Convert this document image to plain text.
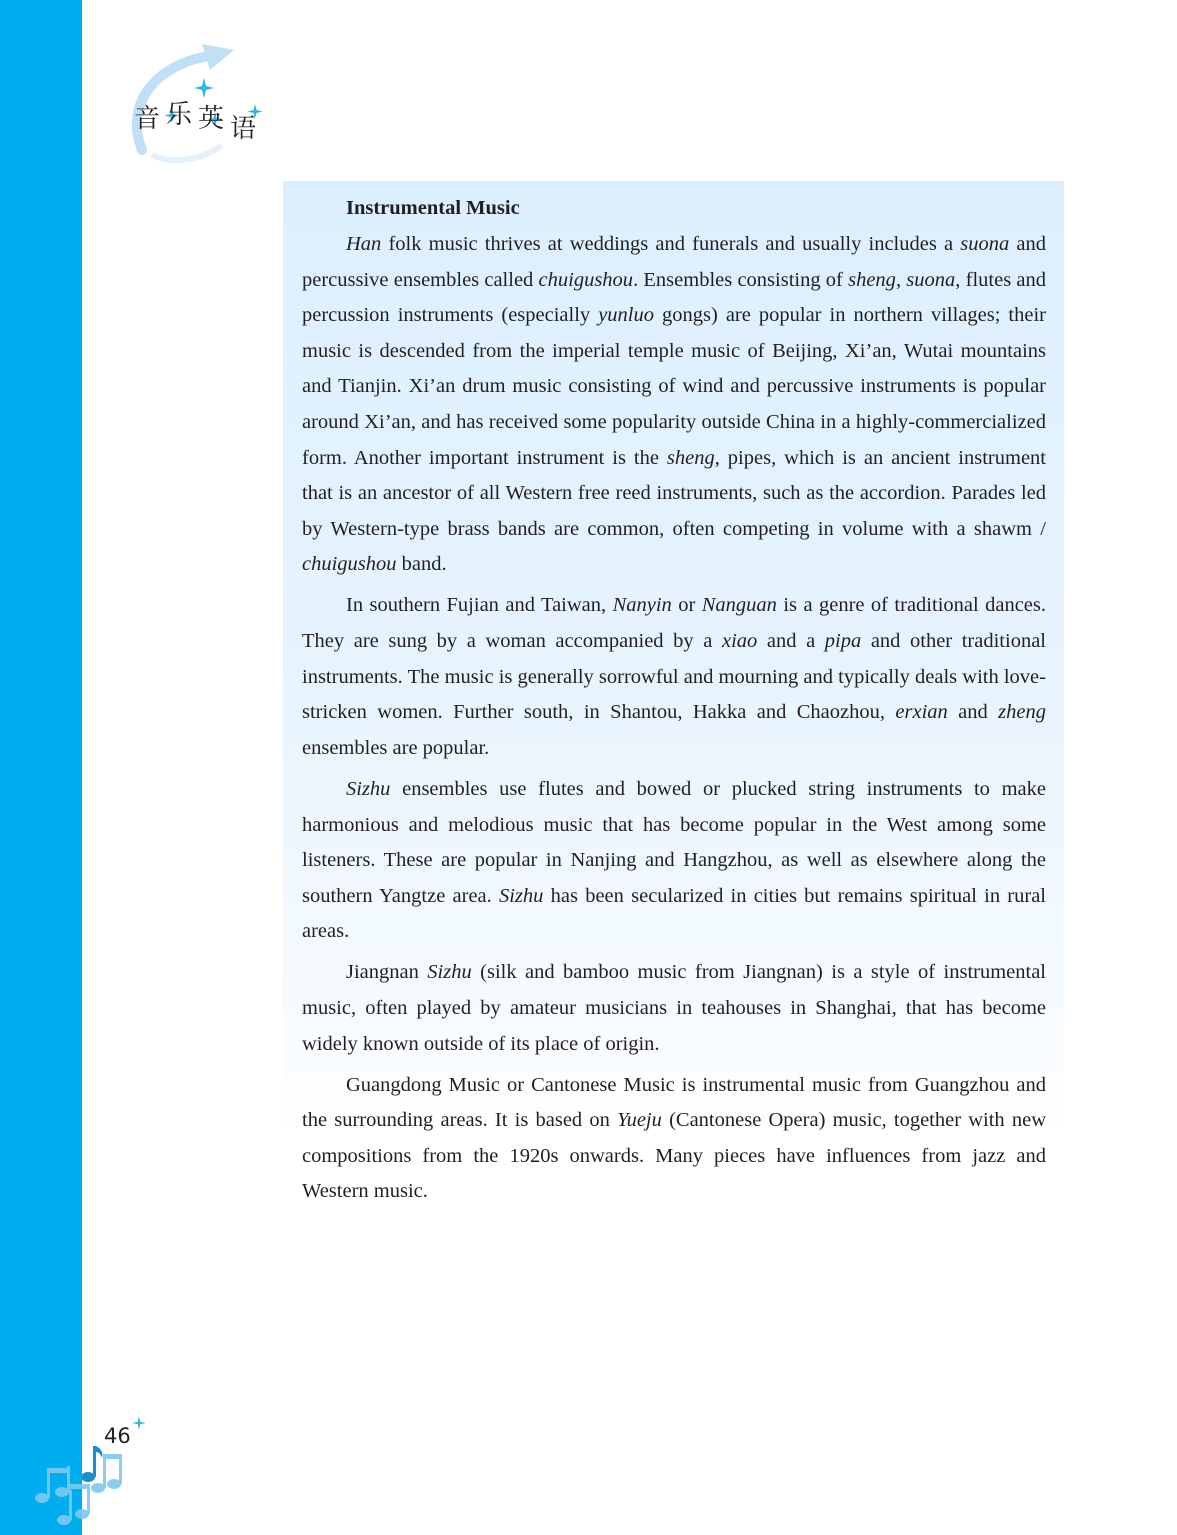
音乐英语
Instrumental Music

Han folk music thrives at weddings and funerals and usually includes a suona and percussive ensembles called chuigushou. Ensembles consisting of sheng, suona, flutes and percussion instruments (especially yunluo gongs) are popular in northern villages; their music is descended from the imperial temple music of Beijing, Xi’an, Wutai mountains and Tianjin. Xi’an drum music consisting of wind and percussive instruments is popular around Xi’an, and has received some popularity outside China in a highly-commercialized form. Another important instrument is the sheng, pipes, which is an ancient instrument that is an ancestor of all Western free reed instruments, such as the accordion. Parades led by Western-type brass bands are common, often competing in volume with a shawm / chuigushou band.

In southern Fujian and Taiwan, Nanyin or Nanguan is a genre of traditional dances. They are sung by a woman accompanied by a xiao and a pipa and other traditional instruments. The music is generally sorrowful and mourning and typically deals with love-stricken women. Further south, in Shantou, Hakka and Chaozhou, erxian and zheng ensembles are popular.

Sizhu ensembles use flutes and bowed or plucked string instruments to make harmonious and melodious music that has become popular in the West among some listeners. These are popular in Nanjing and Hangzhou, as well as elsewhere along the southern Yangtze area. Sizhu has been secularized in cities but remains spiritual in rural areas.

Jiangnan Sizhu (silk and bamboo music from Jiangnan) is a style of instrumental music, often played by amateur musicians in teahouses in Shanghai, that has become widely known outside of its place of origin.

Guangdong Music or Cantonese Music is instrumental music from Guangzhou and the surrounding areas. It is based on Yueju (Cantonese Opera) music, together with new compositions from the 1920s onwards. Many pieces have influences from jazz and Western music.

46
